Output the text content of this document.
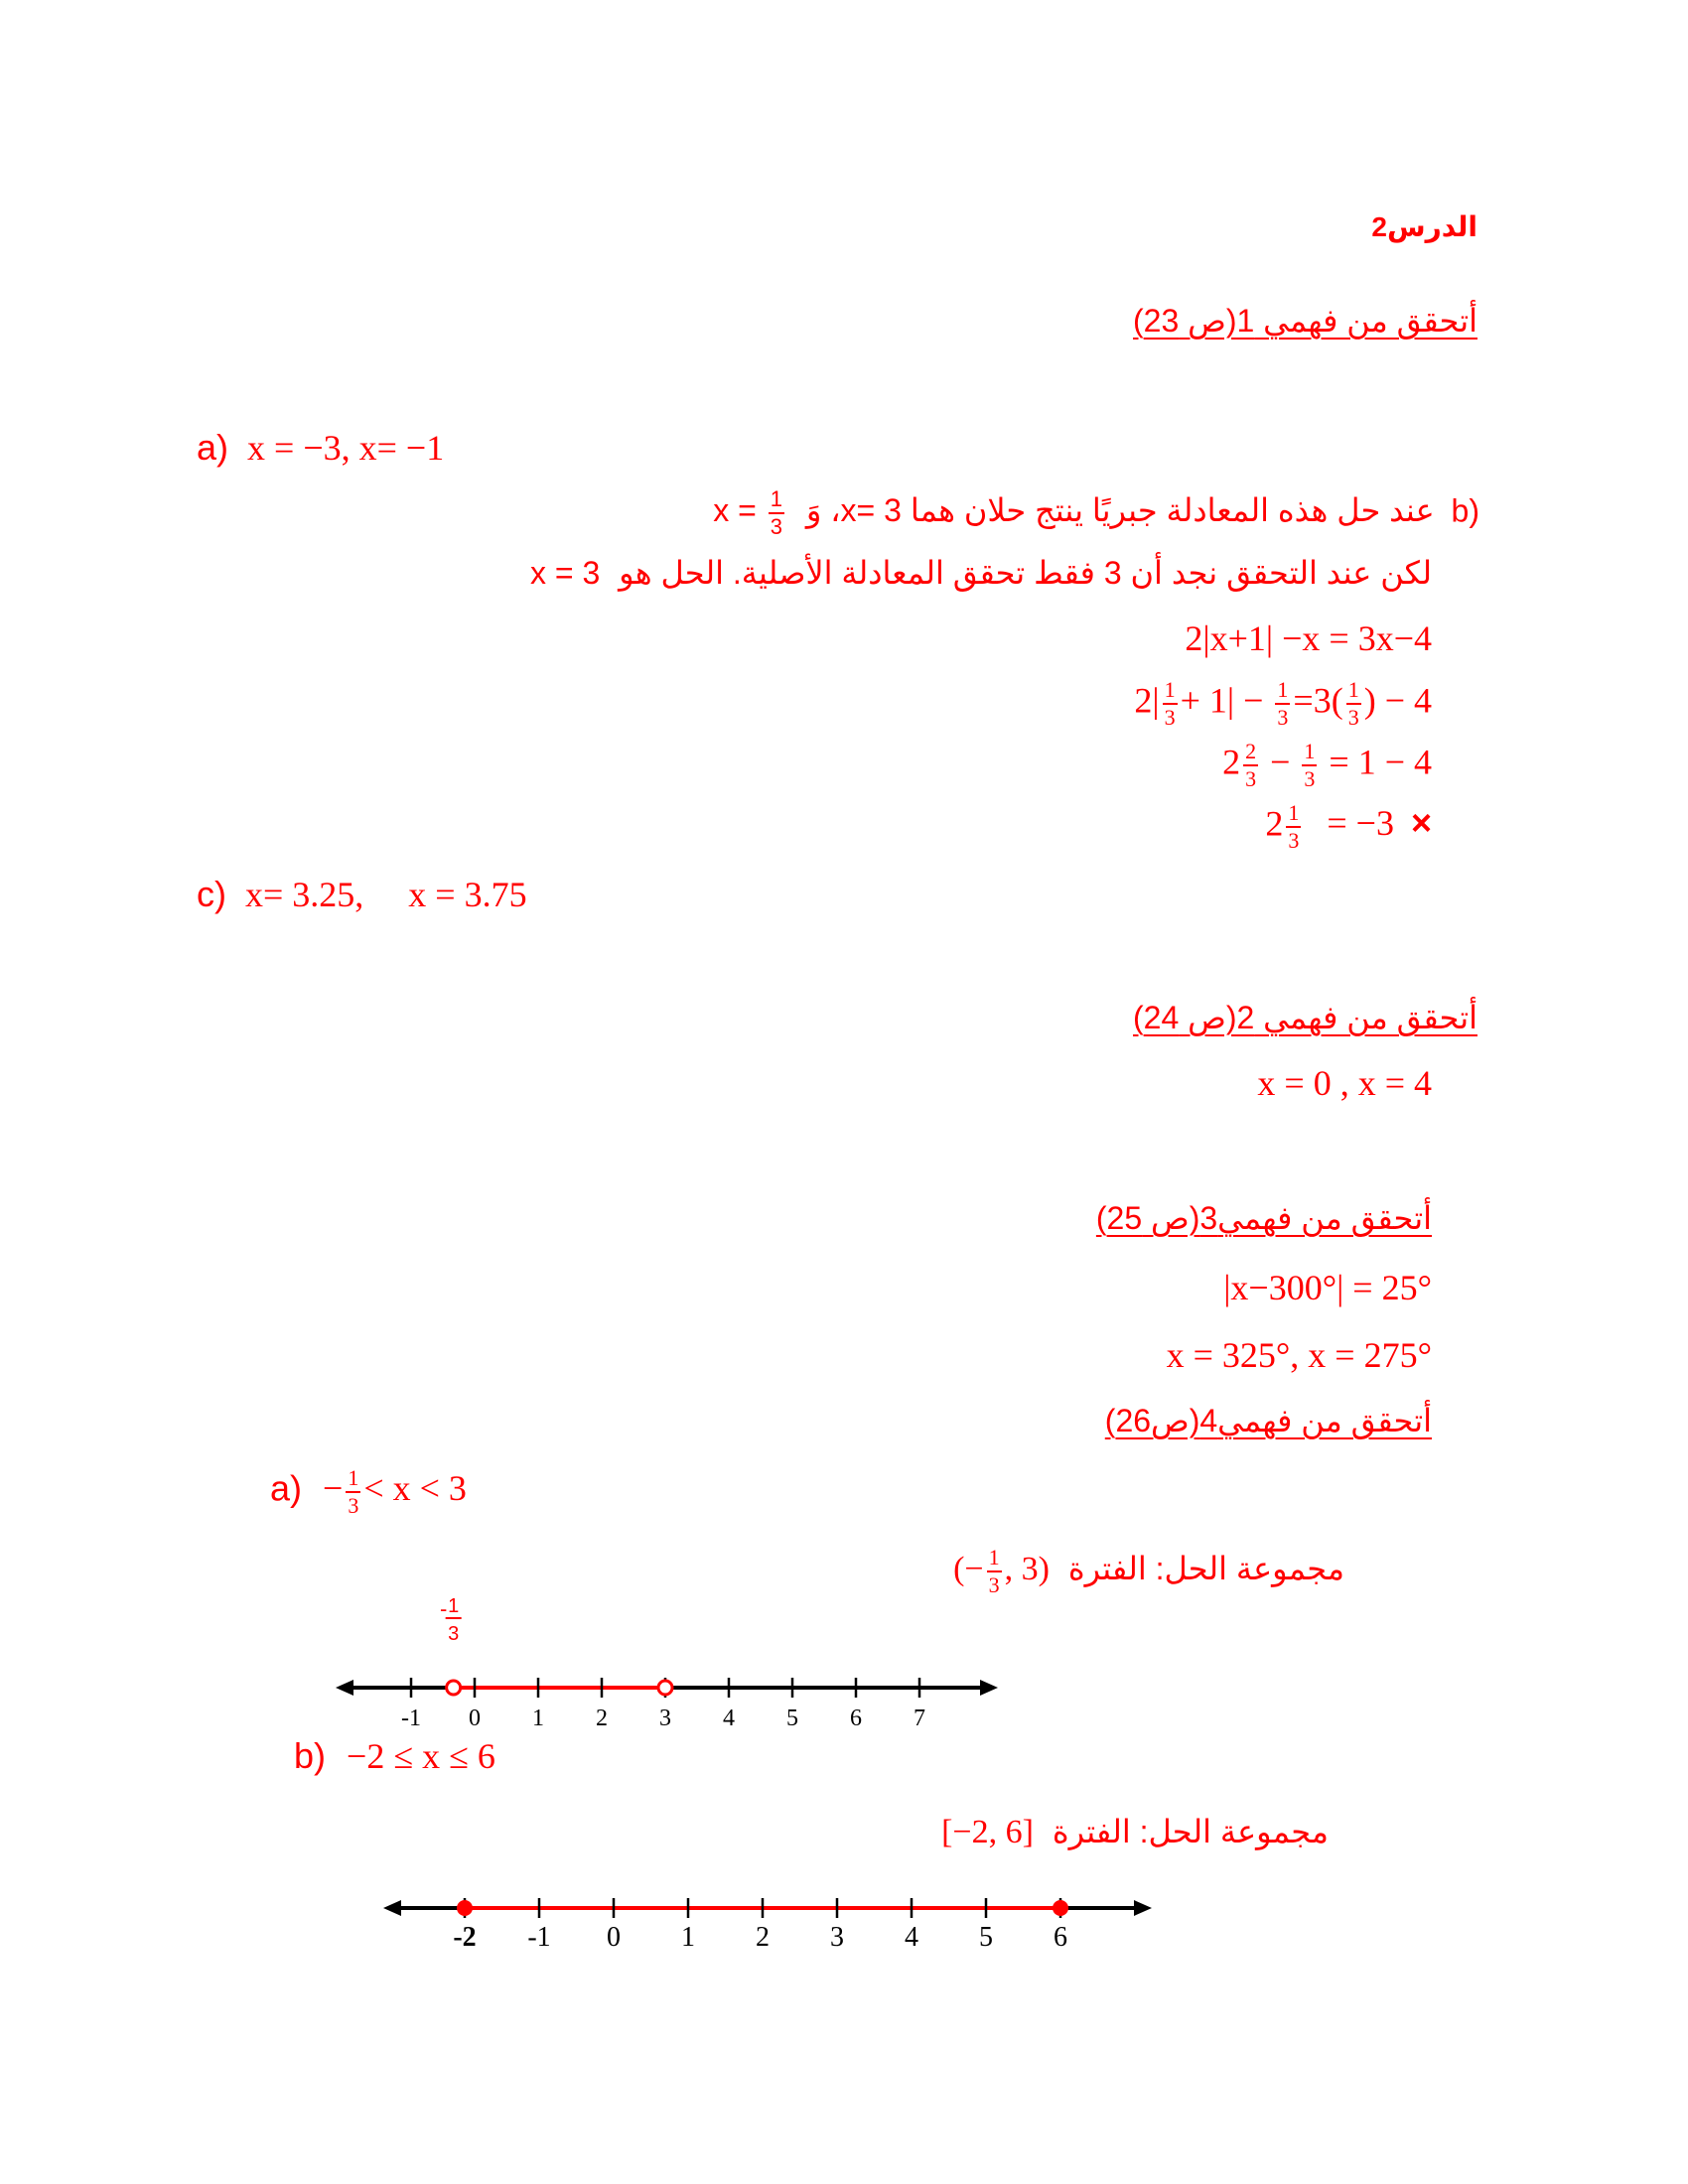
الدرس2
أتحقق من فهمي 1(ص 23)
a) x = −3, x= −1
b) عند حل هذه المعادلة جبريًا ينتج حلان هما 3 =x، وَ $x = \frac{1}{3}$
لكن عند التحقق نجد أن 3 فقط تحقق المعادلة الأصلية. الحل هو x = 3
2|x+1| −x = 3x−4
$2| \frac{1}{3} + 1| - \frac{1}{3} =3( \frac{1}{3}$ ) − 4
$2 \frac{2}{3} - \frac{1}{3} = 1 - 4$
$2 \frac{1}{3} = -3$ ×
c) x= 3.25,     x = 3.75
أتحقق من فهمي 2(ص 24)
x = 0 , x = 4
أتحقق من فهمي3(ص 25)
|x−300°| = 25°
x = 325°, x = 275°
أتحقق من فهمي4(ص26)
$a) - \frac{1}{3} < x < 3$
مجموعة الحل: الفترة (− $\frac{1}{3}$ , 3)
-1 0 1 2 3 4 5 6 7
- 1
3
b) −2 ≤ x ≤ 6
مجموعة الحل: الفترة [−2, 6]
-2 -1 0 1 2 3 4 5 6
